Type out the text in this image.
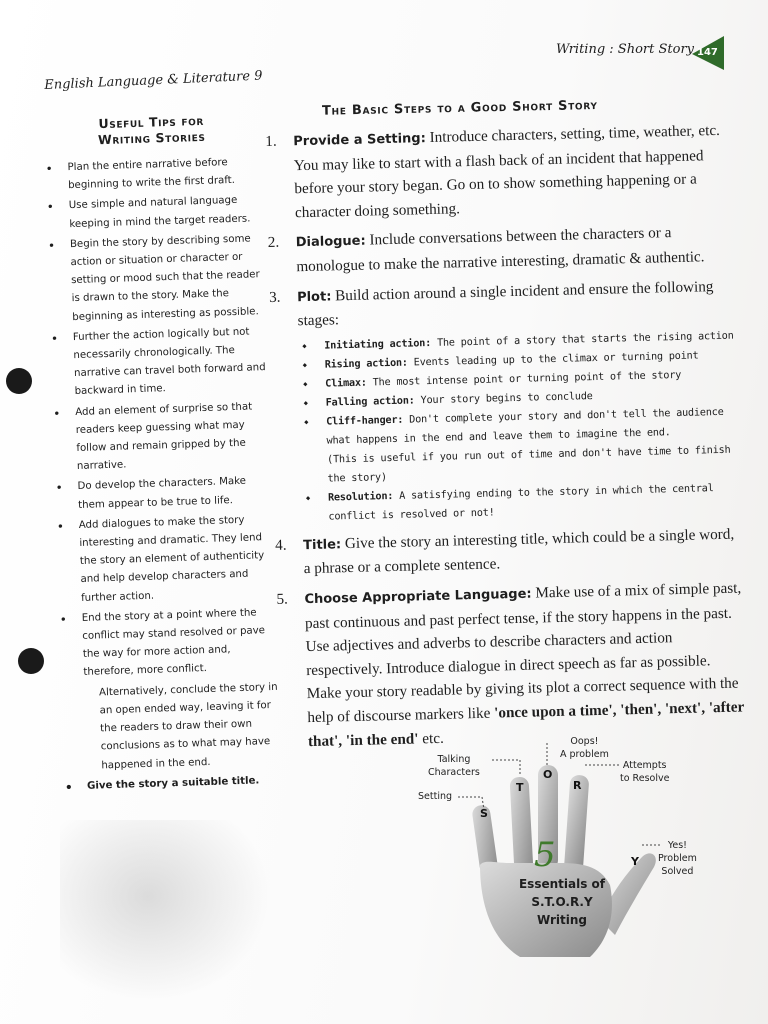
English Language & Literature 9
Writing : Short Story 147
Useful Tips for
Writing Stories
• Plan the entire narrative before beginning to write the first draft.
• Use simple and natural language keeping in mind the target readers.
• Begin the story by describing some action or situation or character or setting or mood such that the reader is drawn to the story. Make the beginning as interesting as possible.
• Further the action logically but not necessarily chronologically. The narrative can travel both forward and backward in time.
• Add an element of surprise so that readers keep guessing what may follow and remain gripped by the narrative.
• Do develop the characters. Make them appear to be true to life.
• Add dialogues to make the story interesting and dramatic. They lend the story an element of authenticity and help develop characters and further action.
• End the story at a point where the conflict may stand resolved or pave the way for more action and, therefore, more conflict.
Alternatively, conclude the story in an open ended way, leaving it for the readers to draw their own conclusions as to what may have happened in the end.
• Give the story a suitable title.
The Basic Steps to a Good Short Story
1. Provide a Setting: Introduce characters, setting, time, weather, etc. You may like to start with a flash back of an incident that happened before your story began. Go on to show something happening or a character doing something.
2. Dialogue: Include conversations between the characters or a monologue to make the narrative interesting, dramatic & authentic.
3. Plot: Build action around a single incident and ensure the following stages:
◆ Initiating action: The point of a story that starts the rising action
◆ Rising action: Events leading up to the climax or turning point
◆ Climax: The most intense point or turning point of the story
◆ Falling action: Your story begins to conclude
◆ Cliff-hanger: Don't complete your story and don't tell the audience what happens in the end and leave them to imagine the end.
(This is useful if you run out of time and don't have time to finish the story)
◆ Resolution: A satisfying ending to the story in which the central conflict is resolved or not!
4. Title: Give the story an interesting title, which could be a single word, a phrase or a complete sentence.
5. Choose Appropriate Language: Make use of a mix of simple past, past continuous and past perfect tense, if the story happens in the past. Use adjectives and adverbs to describe characters and action respectively. Introduce dialogue in direct speech as far as possible. Make your story readable by giving its plot a correct sequence with the help of discourse markers like 'once upon a time', 'then', 'next', 'after that', 'in the end' etc.
Setting
Talking
Characters
Oops!
A problem
Attempts
to Resolve
Yes!
Problem
Solved
S
T
O
R
Y
5
Essentials of
S.T.O.R.Y
Writing
